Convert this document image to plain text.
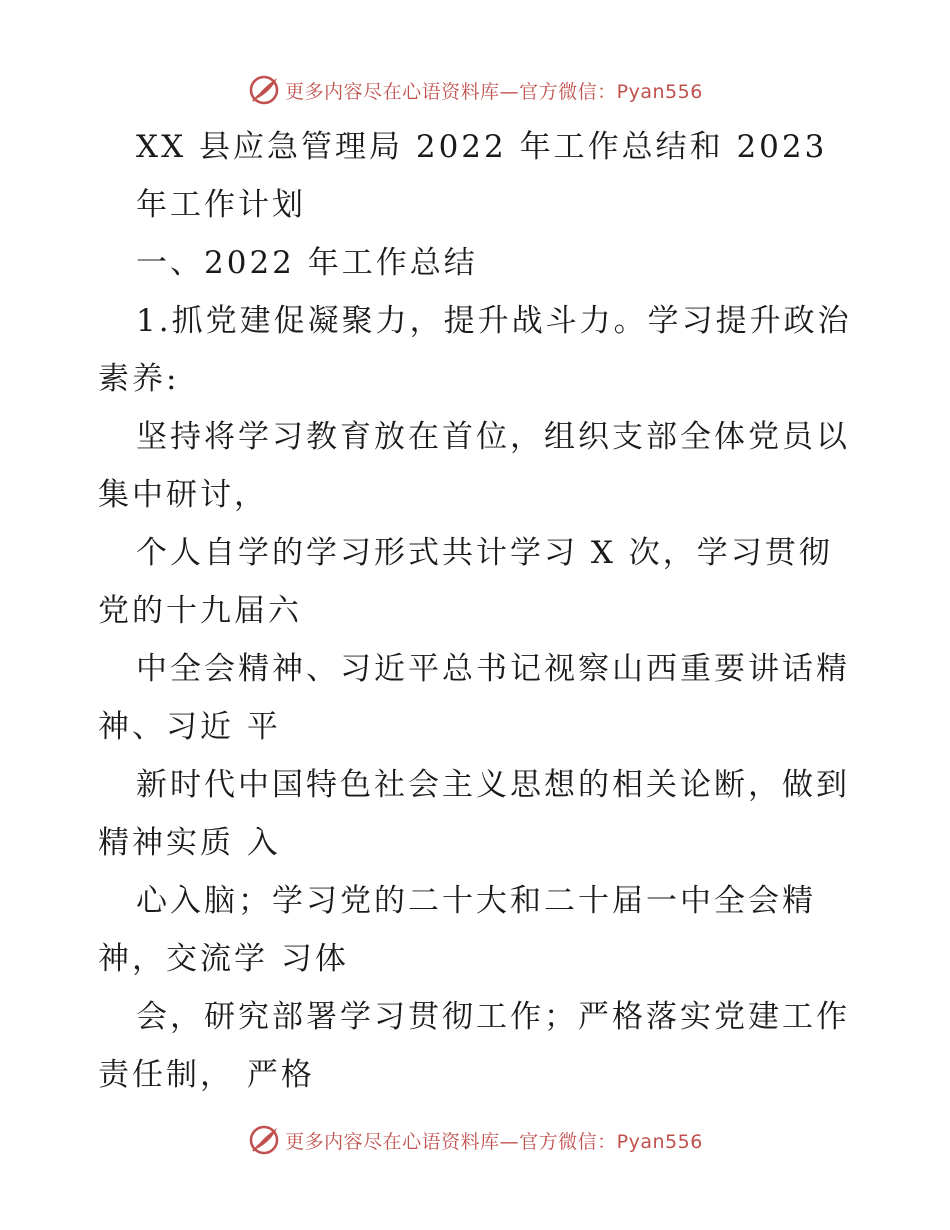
更多内容尽在心语资料库—官方微信：Pyan556

XX 县应急管理局 2022 年工作总结和 2023

年工作计划

一、2022 年工作总结

1.抓党建促凝聚力，提升战斗力。学习提升政治

素养:

坚持将学习教育放在首位，组织支部全体党员以

集中研讨，

个人自学的学习形式共计学习 X 次，学习贯彻

党的十九届六

中全会精神、习近平总书记视察山西重要讲话精

神、习近 平

新时代中国特色社会主义思想的相关论断，做到

精神实质 入

心入脑；学习党的二十大和二十届一中全会精

神，交流学 习体

会，研究部署学习贯彻工作；严格落实党建工作

责任制， 严格

更多内容尽在心语资料库—官方微信：Pyan556
